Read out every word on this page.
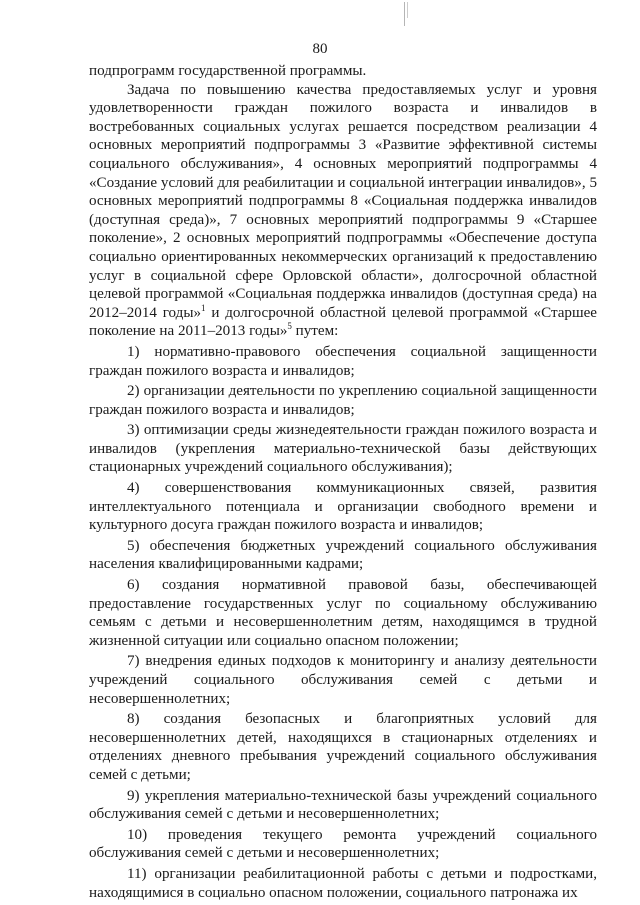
80

подпрограмм государственной программы.

Задача по повышению качества предоставляемых услуг и уровня удовлетворенности граждан пожилого возраста и инвалидов в востребованных социальных услугах решается посредством реализации 4 основных мероприятий подпрограммы 3 «Развитие эффективной системы социального обслуживания», 4 основных мероприятий подпрограммы 4 «Создание условий для реабилитации и социальной интеграции инвалидов», 5 основных мероприятий подпрограммы 8 «Социальная поддержка инвалидов (доступная среда)», 7 основных мероприятий подпрограммы 9 «Старшее поколение», 2 основных мероприятий подпрограммы «Обеспечение доступа социально ориентированных некоммерческих организаций к предоставлению услуг в социальной сфере Орловской области», долгосрочной областной целевой программой «Социальная поддержка инвалидов (доступная среда) на 2012–2014 годы»$^1$ и долгосрочной областной целевой программой «Старшее поколение на 2011–2013 годы»$^5$ путем:

1) нормативно-правового обеспечения социальной защищенности граждан пожилого возраста и инвалидов;

2) организации деятельности по укреплению социальной защищенности граждан пожилого возраста и инвалидов;

3) оптимизации среды жизнедеятельности граждан пожилого возраста и инвалидов (укрепления материально-технической базы действующих стационарных учреждений социального обслуживания);

4) совершенствования коммуникационных связей, развития интеллектуального потенциала и организации свободного времени и культурного досуга граждан пожилого возраста и инвалидов;

5) обеспечения бюджетных учреждений социального обслуживания населения квалифицированными кадрами;

6) создания нормативной правовой базы, обеспечивающей предоставление государственных услуг по социальному обслуживанию семьям с детьми и несовершеннолетним детям, находящимся в трудной жизненной ситуации или социально опасном положении;

7) внедрения единых подходов к мониторингу и анализу деятельности учреждений социального обслуживания семей с детьми и несовершеннолетних;

8) создания безопасных и благоприятных условий для несовершеннолетних детей, находящихся в стационарных отделениях и отделениях дневного пребывания учреждений социального обслуживания семей с детьми;

9) укрепления материально-технической базы учреждений социального обслуживания семей с детьми и несовершеннолетних;

10) проведения текущего ремонта учреждений социального обслуживания семей с детьми и несовершеннолетних;

11) организации реабилитационной работы с детьми и подростками, находящимися в социально опасном положении, социального патронажа их
